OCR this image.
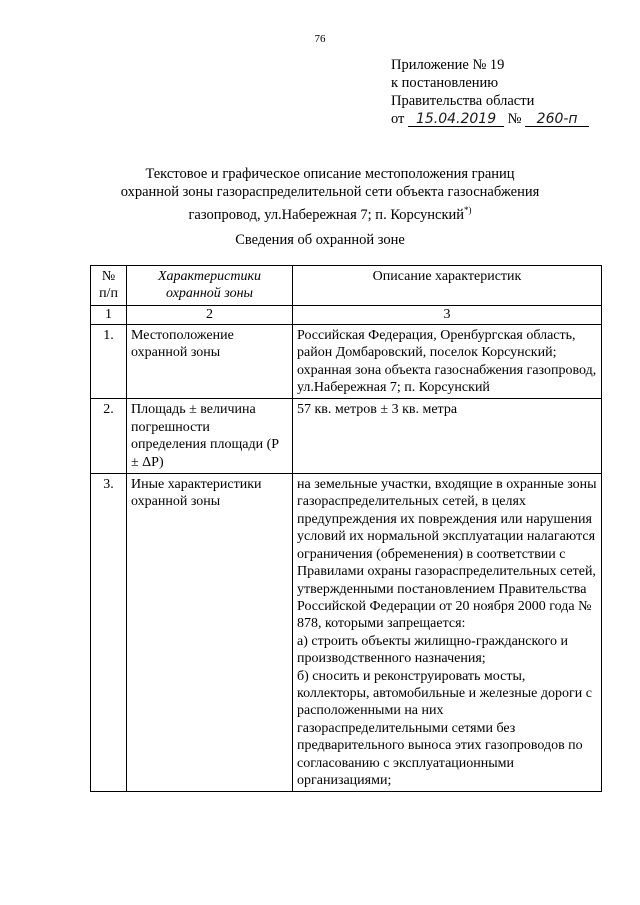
76
Приложение № 19
к постановлению
Правительства области
от 15.04.2019 № 260-п
Текстовое и графическое описание местоположения границ
охранной зоны газораспределительной сети объекта газоснабжения
газопровод, ул.Набережная 7; п. Корсунский*)
Сведения об охранной зоне
№ п/п	Характеристики охранной зоны	Описание характеристик
1	2	3
1.	Местоположение охранной зоны	Российская Федерация, Оренбургская область, район Домбаровский, поселок Корсунский; охранная зона объекта газоснабжения газопровод, ул.Набережная 7; п. Корсунский
2.	Площадь ± величина погрешности определения площади (Р ± ΔР)	57 кв. метров ± 3 кв. метра
3.	Иные характеристики охранной зоны	на земельные участки, входящие в охранные зоны газораспределительных сетей, в целях предупреждения их повреждения или нарушения условий их нормальной эксплуатации налагаются ограничения (обременения) в соответствии с Правилами охраны газораспределительных сетей, утвержденными постановлением Правительства Российской Федерации от 20 ноября 2000 года № 878, которыми запрещается:
а) строить объекты жилищно-гражданского и производственного назначения;
б) сносить и реконструировать мосты, коллекторы, автомобильные и железные дороги с расположенными на них газораспределительными сетями без предварительного выноса этих газопроводов по согласованию с эксплуатационными организациями;
